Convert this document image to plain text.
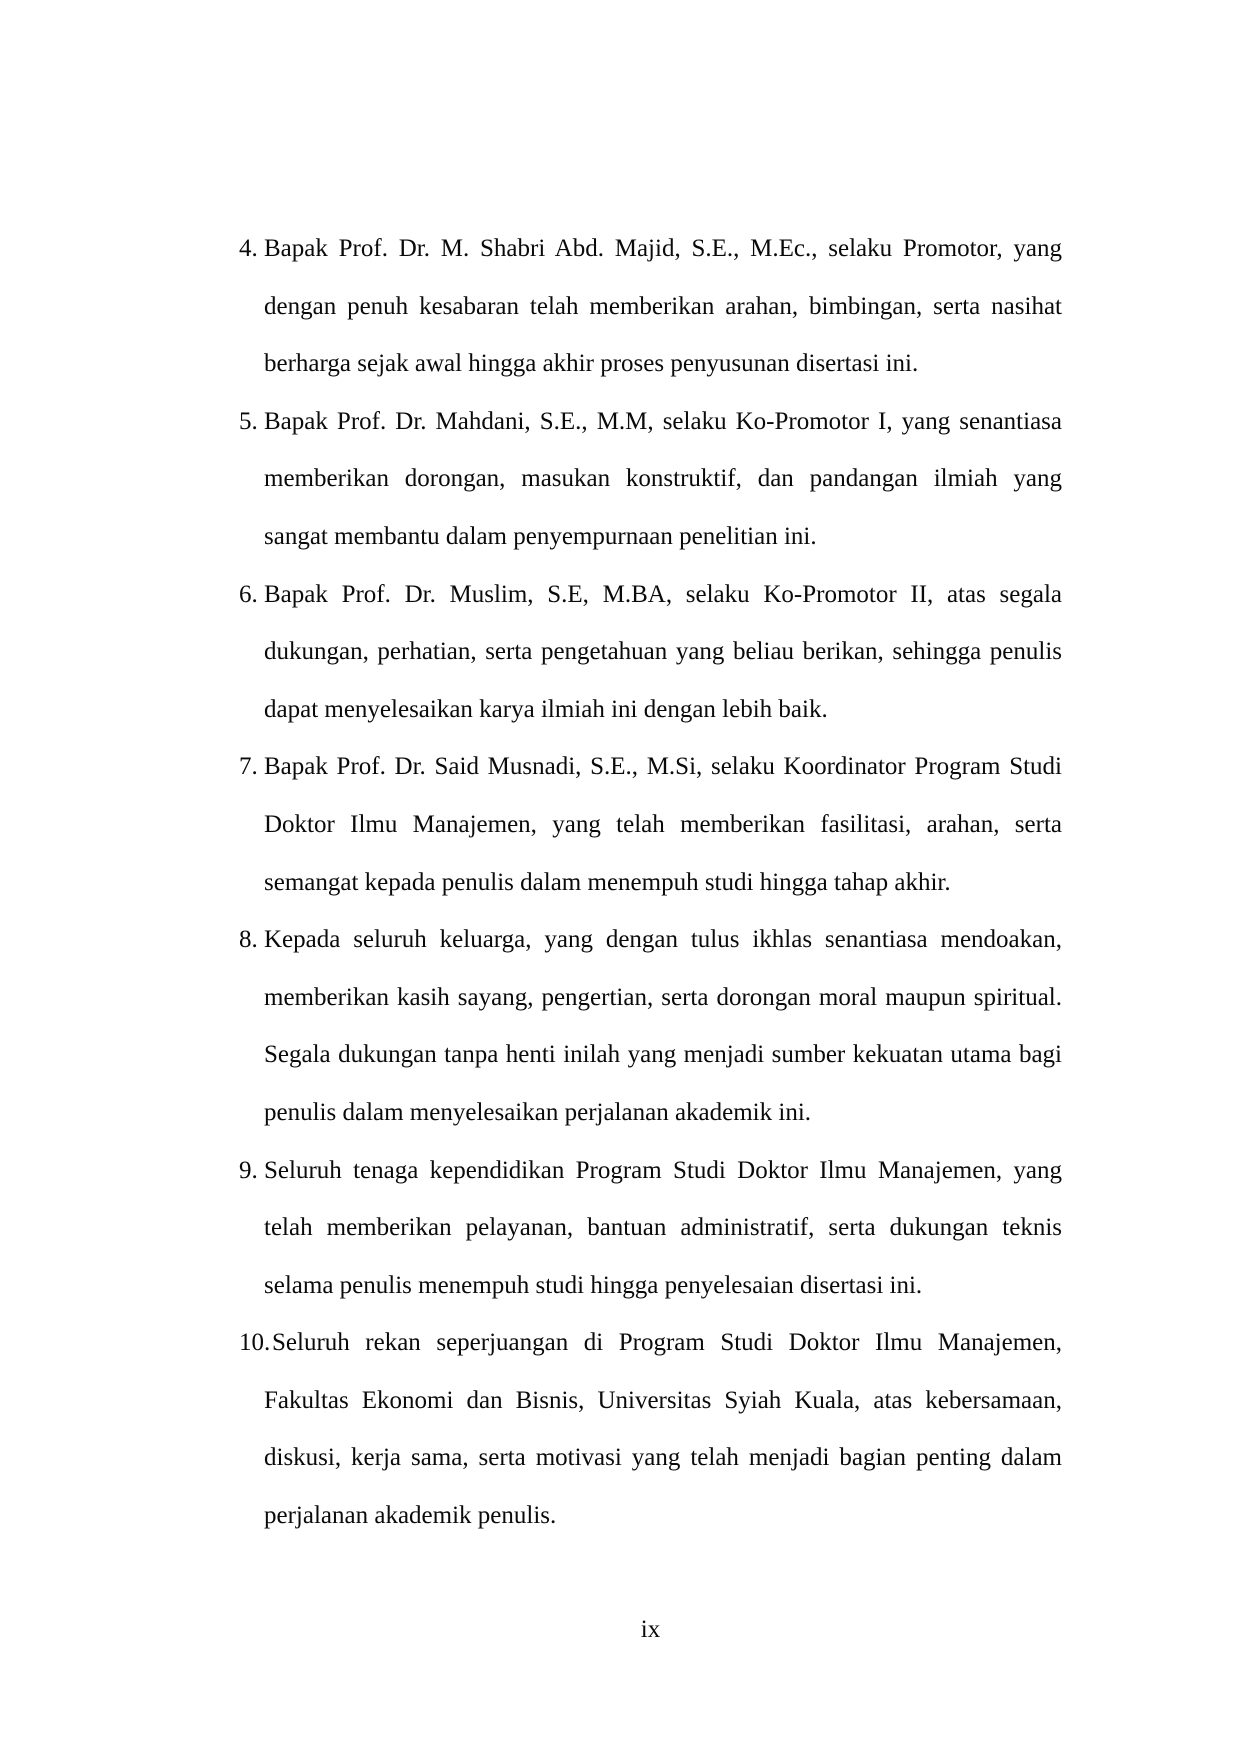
4. Bapak Prof. Dr. M. Shabri Abd. Majid, S.E., M.Ec., selaku Promotor, yang
dengan penuh kesabaran telah memberikan arahan, bimbingan, serta nasihat
berharga sejak awal hingga akhir proses penyusunan disertasi ini.
5. Bapak Prof. Dr. Mahdani, S.E., M.M, selaku Ko-Promotor I, yang senantiasa
memberikan dorongan, masukan konstruktif, dan pandangan ilmiah yang
sangat membantu dalam penyempurnaan penelitian ini.
6. Bapak Prof. Dr. Muslim, S.E, M.BA, selaku Ko-Promotor II, atas segala
dukungan, perhatian, serta pengetahuan yang beliau berikan, sehingga penulis
dapat menyelesaikan karya ilmiah ini dengan lebih baik.
7. Bapak Prof. Dr. Said Musnadi, S.E., M.Si, selaku Koordinator Program Studi
Doktor Ilmu Manajemen, yang telah memberikan fasilitasi, arahan, serta
semangat kepada penulis dalam menempuh studi hingga tahap akhir.
8. Kepada seluruh keluarga, yang dengan tulus ikhlas senantiasa mendoakan,
memberikan kasih sayang, pengertian, serta dorongan moral maupun spiritual.
Segala dukungan tanpa henti inilah yang menjadi sumber kekuatan utama bagi
penulis dalam menyelesaikan perjalanan akademik ini.
9. Seluruh tenaga kependidikan Program Studi Doktor Ilmu Manajemen, yang
telah memberikan pelayanan, bantuan administratif, serta dukungan teknis
selama penulis menempuh studi hingga penyelesaian disertasi ini.
10.Seluruh rekan seperjuangan di Program Studi Doktor Ilmu Manajemen,
Fakultas Ekonomi dan Bisnis, Universitas Syiah Kuala, atas kebersamaan,
diskusi, kerja sama, serta motivasi yang telah menjadi bagian penting dalam
perjalanan akademik penulis.
ix
